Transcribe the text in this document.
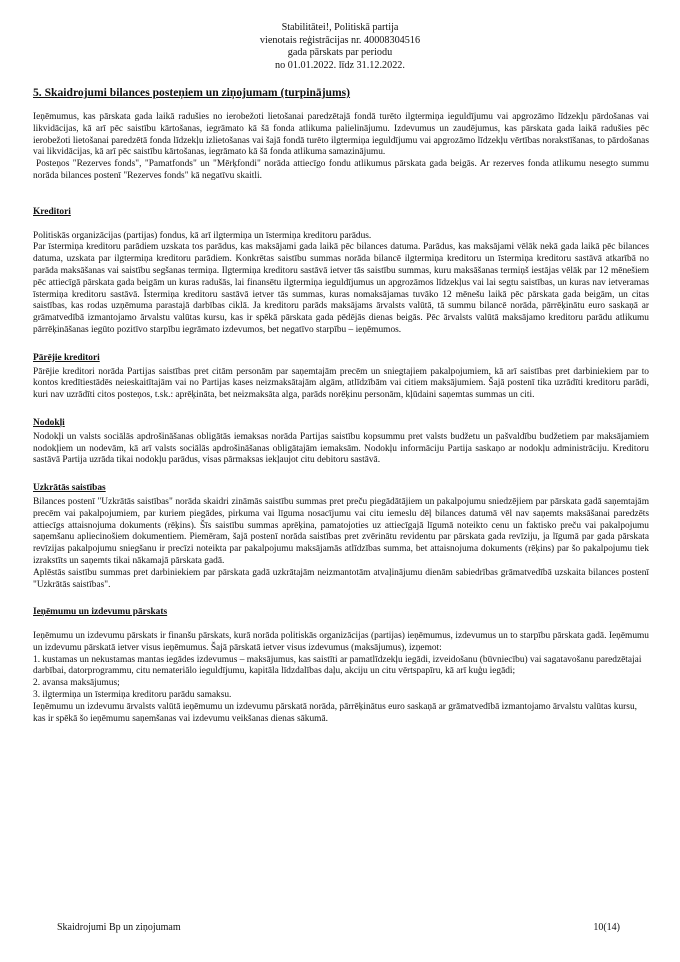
Stabilitātei!, Politiskā partija
vienotais reģistrācijas nr. 40008304516
gada pārskats par periodu
no 01.01.2022. līdz 31.12.2022.
5. Skaidrojumi bilances posteņiem un ziņojumam (turpinājums)

Ieņēmumus, kas pārskata gada laikā radušies no ierobežoti lietošanai paredzētajā fondā turēto ilgtermiņa ieguldījumu vai apgrozāmo līdzekļu pārdošanas vai likvidācijas, kā arī pēc saistību kārtošanas, iegrāmato kā šā fonda atlikuma palielinājumu. Izdevumus un zaudējumus, kas pārskata gada laikā radušies pēc ierobežoti lietošanai paredzētā fonda līdzekļu izlietošanas vai šajā fondā turēto ilgtermiņa ieguldījumu vai apgrozāmo līdzekļu vērtības norakstīšanas, to pārdošanas vai likvidācijas, kā arī pēc saistību kārtošanas, iegrāmato kā šā fonda atlikuma samazinājumu.

Posteņos "Rezerves fonds", "Pamatfonds" un "Mērķfondi" norāda attiecīgo fondu atlikumus pārskata gada beigās. Ar rezerves fonda atlikumu nesegto summu norāda bilances postenī "Rezerves fonds" kā negatīvu skaitli.

Kreditori

Politiskās organizācijas (partijas) fondus, kā arī ilgtermiņa un īstermiņa kreditoru parādus.

Par īstermiņa kreditoru parādiem uzskata tos parādus, kas maksājami gada laikā pēc bilances datuma. Parādus, kas maksājami vēlāk nekā gada laikā pēc bilances datuma, uzskata par ilgtermiņa kreditoru parādiem. Konkrētas saistību summas norāda bilancē ilgtermiņa kreditoru un īstermiņa kreditoru sastāvā atkarībā no parāda maksāšanas vai saistību segšanas termiņa. Ilgtermiņa kreditoru sastāvā ietver tās saistību summas, kuru maksāšanas termiņš iestājas vēlāk par 12 mēnešiem pēc attiecīgā pārskata gada beigām un kuras radušās, lai finansētu ilgtermiņa ieguldījumus un apgrozāmos līdzekļus vai lai segtu saistības, un kuras nav ietveramas īstermiņa kreditoru sastāvā. Īstermiņa kreditoru sastāvā ietver tās summas, kuras nomaksājamas tuvāko 12 mēnešu laikā pēc pārskata gada beigām, un citas saistības, kas rodas uzņēmuma parastajā darbības ciklā. Ja kreditoru parāds maksājams ārvalsts valūtā, tā summu bilancē norāda, pārrēķinātu euro saskaņā ar grāmatvedībā izmantojamo ārvalstu valūtas kursu, kas ir spēkā pārskata gada pēdējās dienas beigās. Pēc ārvalsts valūtā maksājamo kreditoru parādu atlikumu pārrēķināšanas iegūto pozitīvo starpību iegrāmato izdevumos, bet negatīvo starpību – ieņēmumos.

Pārējie kreditori

Pārējie kreditori norāda Partijas saistības pret citām personām par saņemtajām precēm un sniegtajiem pakalpojumiem, kā arī saistības pret darbiniekiem par to kontos kredītiestādēs neieskaitītajām vai no Partijas kases neizmaksātajām algām, atlīdzībām vai citiem maksājumiem. Šajā postenī tika uzrādīti kreditoru parādi, kuri nav uzrādīti citos posteņos, t.sk.: aprēķināta, bet neizmaksāta alga, parāds norēķinu personām, kļūdaini saņemtas summas un citi.

Nodokļi

Nodokļi un valsts sociālās apdrošināšanas obligātās iemaksas norāda Partijas saistību kopsummu pret valsts budžetu un pašvaldību budžetiem par maksājamiem nodokļiem un nodevām, kā arī valsts sociālās apdrošināšanas obligātajām iemaksām. Nodokļu informāciju Partija saskaņo ar nodokļu administrāciju. Kreditoru sastāvā Partija uzrāda tikai nodokļu parādus, visas pārmaksas iekļaujot citu debitoru sastāvā.

Uzkrātās saistības

Bilances postenī "Uzkrātās saistības" norāda skaidri zināmās saistību summas pret preču piegādātājiem un pakalpojumu sniedzējiem par pārskata gadā saņemtajām precēm vai pakalpojumiem, par kuriem piegādes, pirkuma vai līguma nosacījumu vai citu iemeslu dēļ bilances datumā vēl nav saņemts maksāšanai paredzēts attiecīgs attaisnojuma dokuments (rēķins). Šīs saistību summas aprēķina, pamatojoties uz attiecīgajā līgumā noteikto cenu un faktisko preču vai pakalpojumu saņemšanu apliecinošiem dokumentiem. Piemēram, šajā postenī norāda saistības pret zvērinātu revidentu par pārskata gada revīziju, ja līgumā par gada pārskata revīzijas pakalpojumu sniegšanu ir precīzi noteikta par pakalpojumu maksājamās atlīdzības summa, bet attaisnojuma dokuments (rēķins) par šo pakalpojumu tiek izrakstīts un saņemts tikai nākamajā pārskata gadā.

Aplēstās saistību summas pret darbiniekiem par pārskata gadā uzkrātajām neizmantotām atvaļinājumu dienām sabiedrības grāmatvedībā uzskaita bilances postenī "Uzkrātās saistības".

Ieņēmumu un izdevumu pārskats

Ieņēmumu un izdevumu pārskats ir finanšu pārskats, kurā norāda politiskās organizācijas (partijas) ieņēmumus, izdevumus un to starpību pārskata gadā. Ieņēmumu un izdevumu pārskatā ietver visus ieņēmumus. Šajā pārskatā ietver visus izdevumus (maksājumus), izņemot:

1. kustamas un nekustamas mantas iegādes izdevumus – maksājumus, kas saistīti ar pamatlīdzekļu iegādi, izveidošanu (būvniecību) vai sagatavošanu paredzētajai darbībai, datorprogrammu, citu nemateriālo ieguldījumu, kapitāla līdzdalības daļu, akciju un citu vērtspapīru, kā arī kuģu iegādi;

2. avansa maksājumus;

3. ilgtermiņa un īstermiņa kreditoru parādu samaksu.

Ieņēmumu un izdevumu ārvalsts valūtā ieņēmumu un izdevumu pārskatā norāda, pārrēķinātus euro saskaņā ar grāmatvedībā izmantojamo ārvalstu valūtas kursu, kas ir spēkā šo ieņēmumu saņemšanas vai izdevumu veikšanas dienas sākumā.

Skaidrojumi Bp un ziņojumam	10(14)
